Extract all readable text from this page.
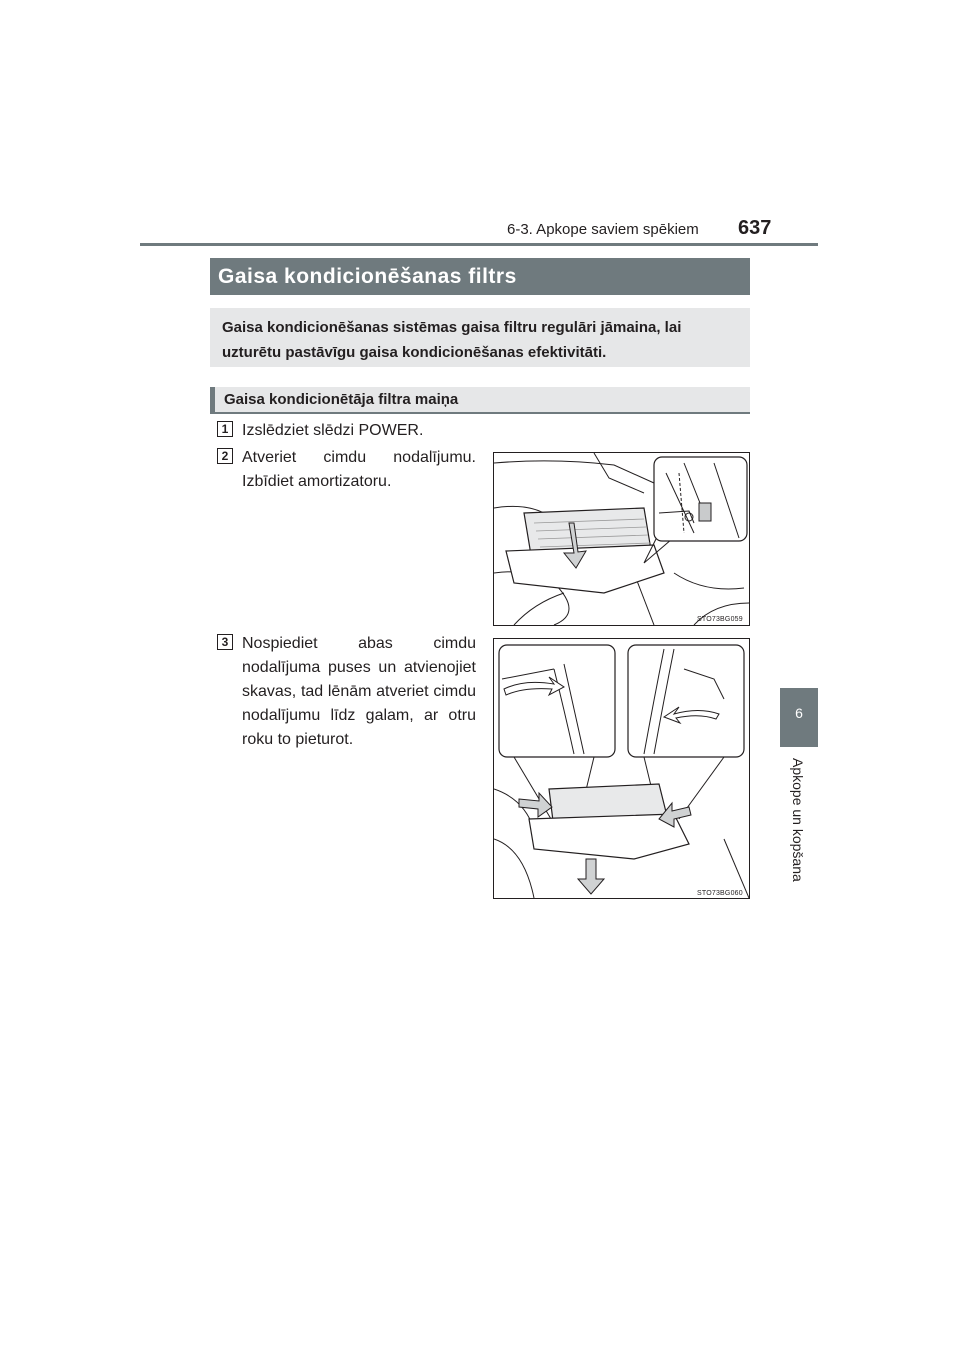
6-3. Apkope saviem spēkiem 637
6
Apkope un kopšana
Gaisa kondicionēšanas filtrs
Gaisa kondicionēšanas sistēmas gaisa filtru regulāri jāmaina, lai uzturētu pastāvīgu gaisa kondicionēšanas efektivitāti.
Gaisa kondicionētāja filtra maiņa
1 Izslēdziet slēdzi POWER.
2 Atveriet cimdu nodalījumu. Izbīdiet amortizatoru.
STO73BG059
3 Nospiediet abas cimdu nodalījuma puses un atvienojiet skavas, tad lēnām atveriet cimdu nodalījumu līdz galam, ar otru roku to pieturot.
STO73BG060
